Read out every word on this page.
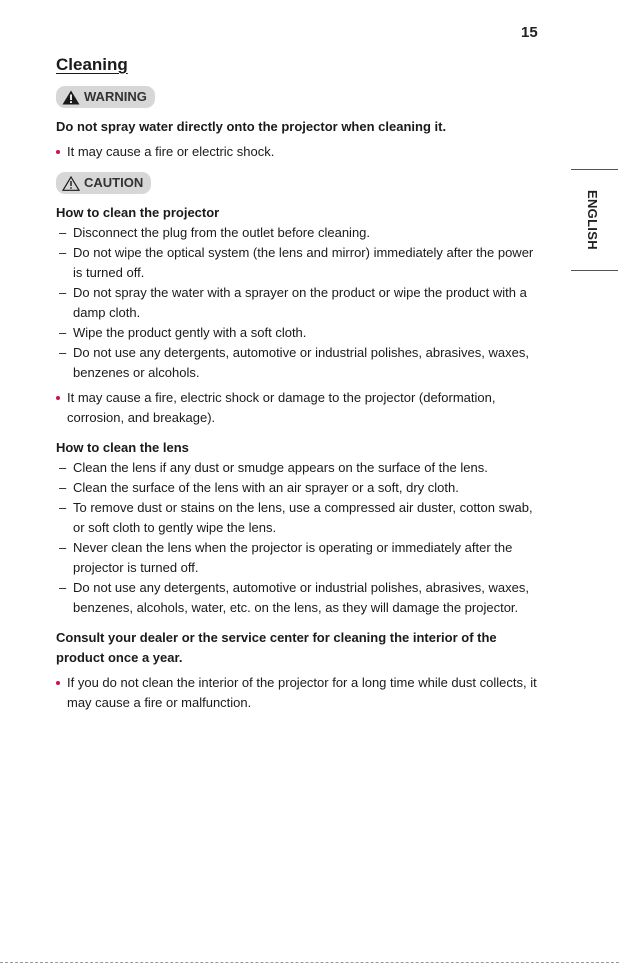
15
ENGLISH
Cleaning
WARNING

Do not spray water directly onto the projector when cleaning it.

It may cause a fire or electric shock.

CAUTION

How to clean the projector

– Disconnect the plug from the outlet before cleaning.

– Do not wipe the optical system (the lens and mirror) immediately after the power is turned off.

– Do not spray the water with a sprayer on the product or wipe the product with a damp cloth.

– Wipe the product gently with a soft cloth.

– Do not use any detergents, automotive or industrial polishes, abrasives, waxes, benzenes or alcohols.

It may cause a fire, electric shock or damage to the projector (deformation, corrosion, and breakage).

How to clean the lens

– Clean the lens if any dust or smudge appears on the surface of the lens.

– Clean the surface of the lens with an air sprayer or a soft, dry cloth.

– To remove dust or stains on the lens, use a compressed air duster, cotton swab, or soft cloth to gently wipe the lens.

– Never clean the lens when the projector is operating or immediately after the projector is turned off.

– Do not use any detergents, automotive or industrial polishes, abrasives, waxes, benzenes, alcohols, water, etc. on the lens, as they will damage the projector.

Consult your dealer or the service center for cleaning the interior of the product once a year.

If you do not clean the interior of the projector for a long time while dust collects, it may cause a fire or malfunction.
